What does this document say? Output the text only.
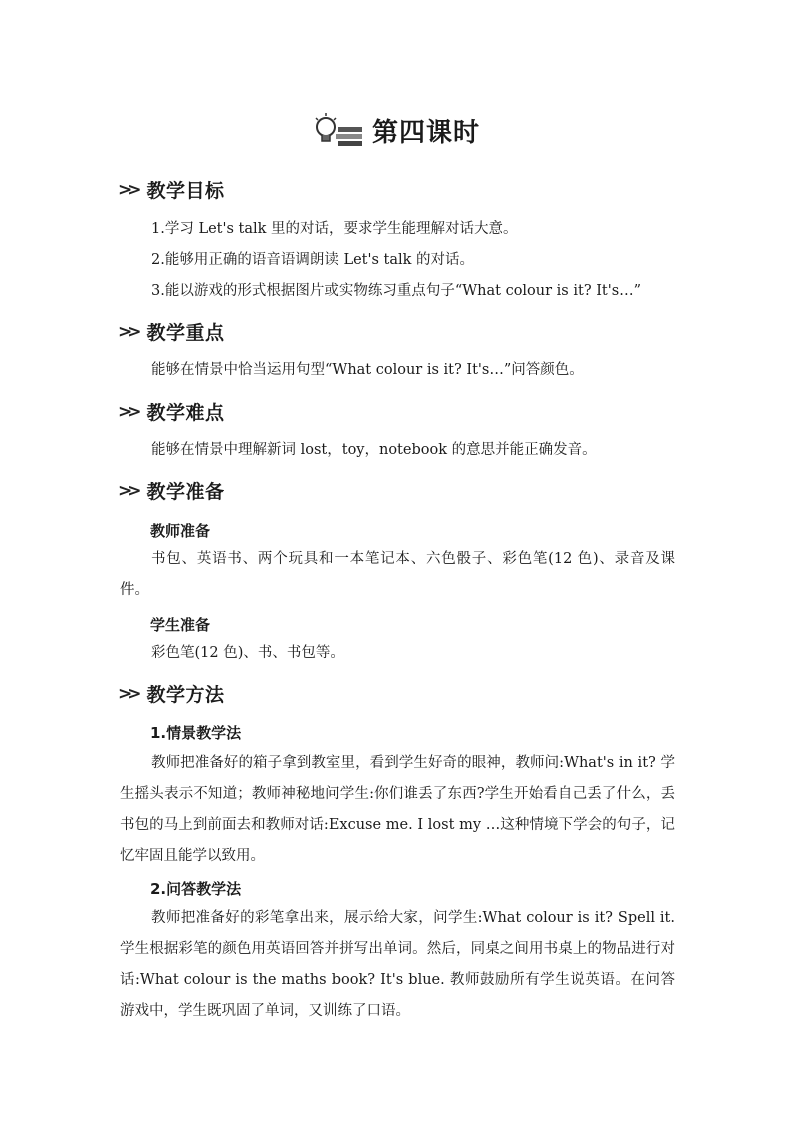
第四课时
>> 教学目标
1.学习 Let's talk 里的对话，要求学生能理解对话大意。
2.能够用正确的语音语调朗读 Let's talk 的对话。
3.能以游戏的形式根据图片或实物练习重点句子“What colour is it? It's…”
>> 教学重点
能够在情景中恰当运用句型“What colour is it? It's…”问答颜色。
>> 教学难点
能够在情景中理解新词 lost，toy，notebook 的意思并能正确发音。
>> 教学准备
教师准备
书包、英语书、两个玩具和一本笔记本、六色骰子、彩色笔(12 色)、录音及课件。
学生准备
彩色笔(12 色)、书、书包等。
>> 教学方法
1.情景教学法
教师把准备好的箱子拿到教室里，看到学生好奇的眼神，教师问:What's in it? 学生摇头表示不知道；教师神秘地问学生:你们谁丢了东西?学生开始看自己丢了什么，丢书包的马上到前面去和教师对话:Excuse me. I lost my …这种情境下学会的句子，记忆牢固且能学以致用。
2.问答教学法
教师把准备好的彩笔拿出来，展示给大家，问学生:What colour is it? Spell it. 学生根据彩笔的颜色用英语回答并拼写出单词。然后，同桌之间用书桌上的物品进行对话:What colour is the maths book? It's blue. 教师鼓励所有学生说英语。在问答游戏中，学生既巩固了单词，又训练了口语。
